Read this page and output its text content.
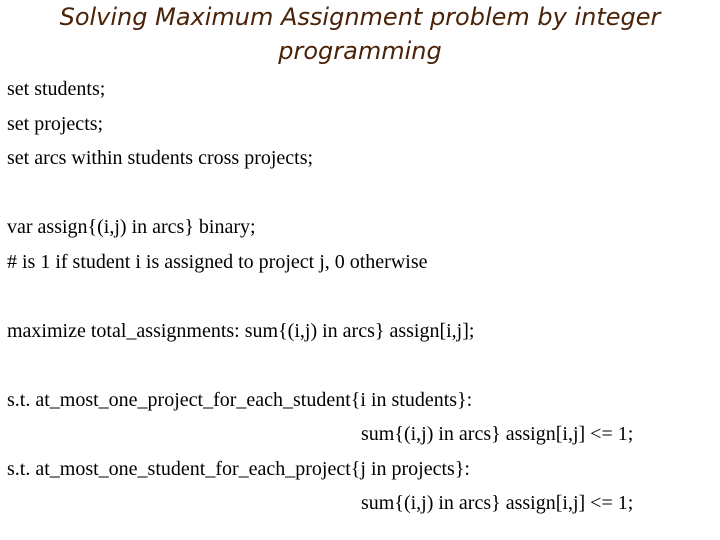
Solving Maximum Assignment problem by integer
programming
set students;
set projects;
set arcs within students cross projects;
var assign{(i,j) in arcs} binary;
# is 1 if student i is assigned to project j, 0 otherwise
maximize total_assignments: sum{(i,j) in arcs} assign[i,j];
s.t. at_most_one_project_for_each_student{i in students}:
sum{(i,j) in arcs} assign[i,j] <= 1;
s.t. at_most_one_student_for_each_project{j in projects}:
sum{(i,j) in arcs} assign[i,j] <= 1;
